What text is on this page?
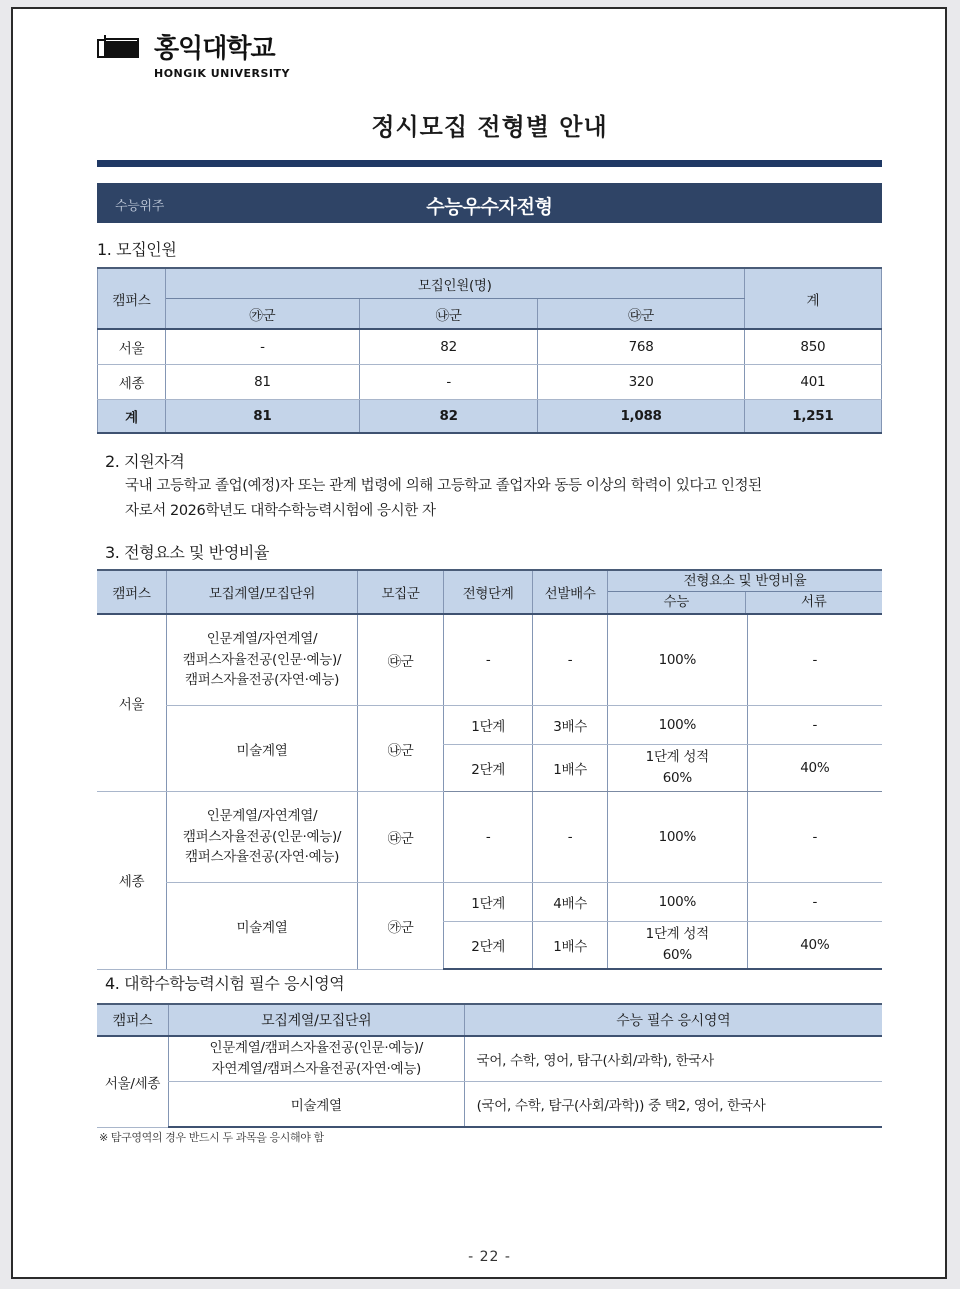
홍익대학교
HONGIK UNIVERSITY
정시모집 전형별 안내
수능위주	수능우수자전형
1. 모집인원
캠퍼스	모집인원(명)			계
	㉮군	㉯군	㉰군	
서울	-	82	768	850
세종	81	-	320	401
계	81	82	1,088	1,251
2. 지원자격
국내 고등학교 졸업(예정)자 또는 관계 법령에 의해 고등학교 졸업자와 동등 이상의 학력이 있다고 인정된
자로서 2026학년도 대학수학능력시험에 응시한 자
3. 전형요소 및 반영비율
캠퍼스	모집계열/모집단위	모집군	전형단계	선발배수	전형요소 및 반영비율
수능 서류	

서울	인문계열/자연계열/
캠퍼스자율전공(인문·예능)/
캠퍼스자율전공(자연·예능)	㉰군	-	-	100%	-
	미술계열	㉯군	1단계	3배수	100%	-
			2단계	1배수	1단계 성적
60%	40%
세종	인문계열/자연계열/
캠퍼스자율전공(인문·예능)/
캠퍼스자율전공(자연·예능)	㉰군	-	-	100%	-
	미술계열	㉮군	1단계	4배수	100%	-
			2단계	1배수	1단계 성적
60%	40%
4. 대학수학능력시험 필수 응시영역
캠퍼스	모집계열/모집단위	수능 필수 응시영역
서울/세종	인문계열/캠퍼스자율전공(인문·예능)/
자연계열/캠퍼스자율전공(자연·예능)	국어, 수학, 영어, 탐구(사회/과학), 한국사
	미술계열	(국어, 수학, 탐구(사회/과학)) 중 택2, 영어, 한국사
※ 탐구영역의 경우 반드시 두 과목을 응시해야 함
- 22 -
